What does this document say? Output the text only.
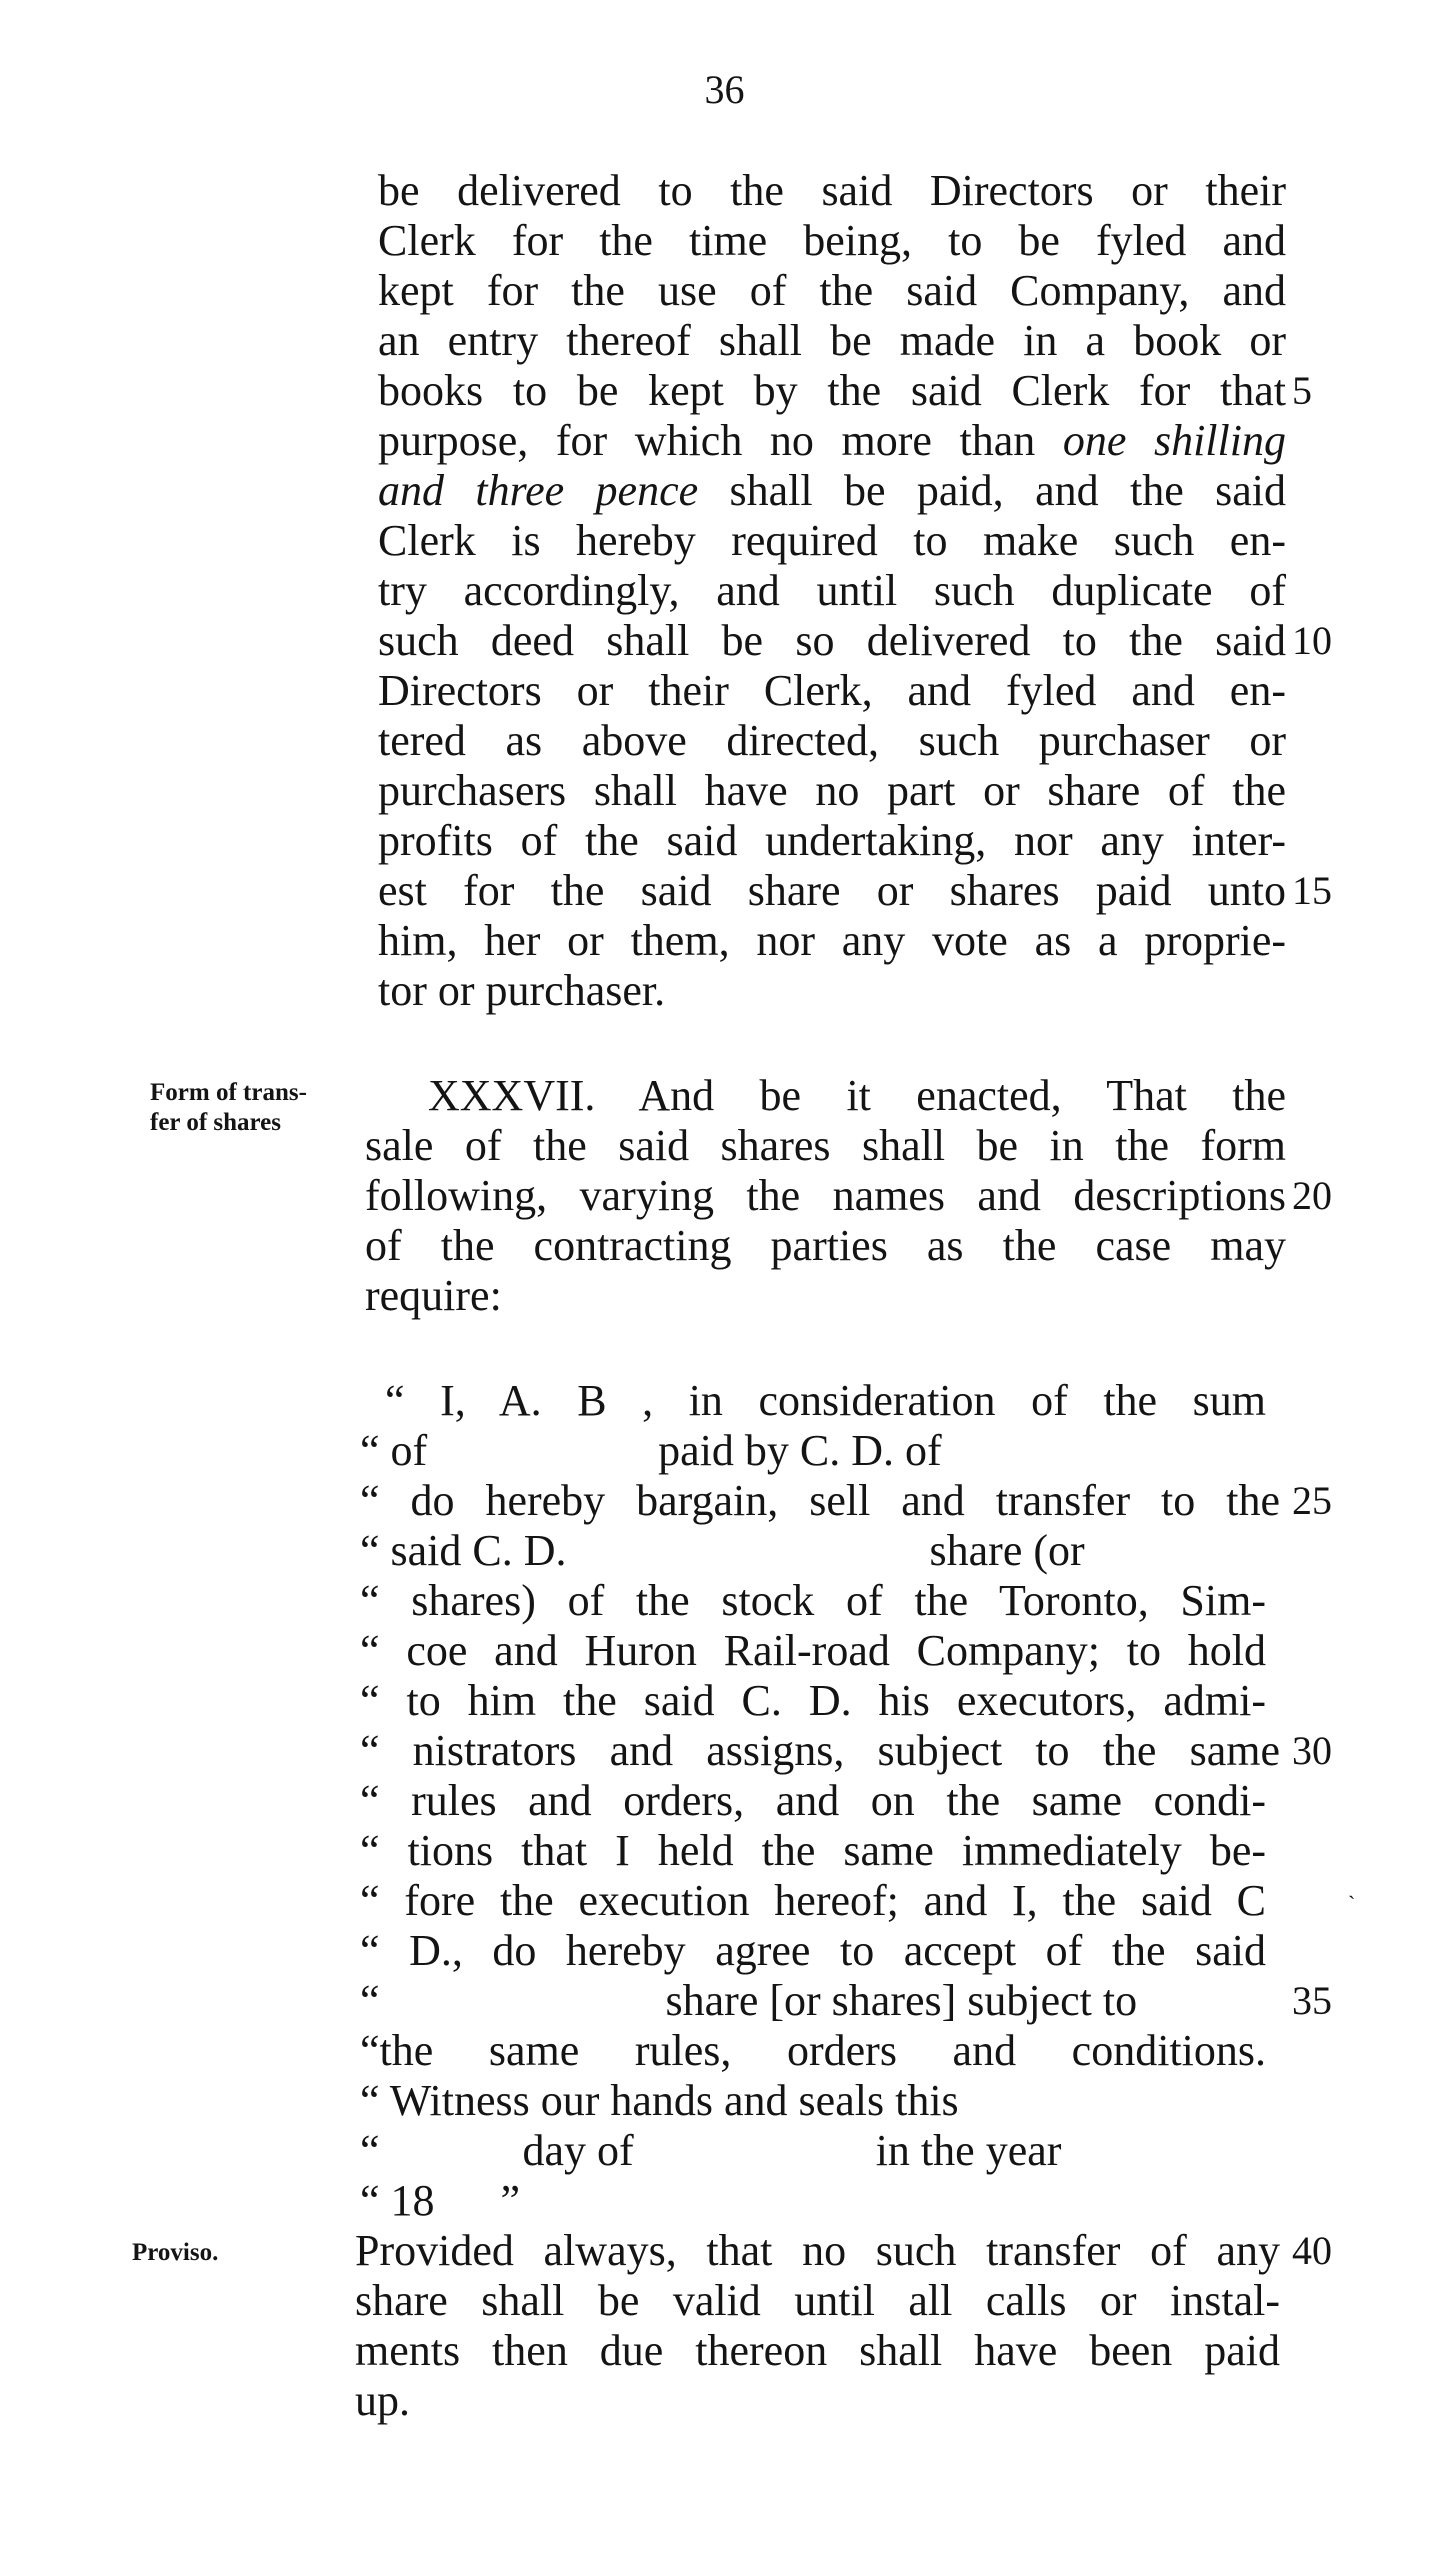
36
be delivered to the said Directors or their
Clerk for the time being, to be fyled and
kept for the use of the said Company, and
an entry thereof shall be made in a book or
books to be kept by the said Clerk for that
purpose, for which no more than one shilling
and three pence shall be paid, and the said
Clerk is hereby required to make such en-
try accordingly, and until such duplicate of
such deed shall be so delivered to the said
Directors or their Clerk, and fyled and en-
tered as above directed, such purchaser or
purchasers shall have no part or share of the
profits of the said undertaking, nor any inter-
est for the said share or shares paid unto
him, her or them, nor any vote as a proprie-
tor or purchaser.
XXXVII. And be it enacted, That the
sale of the said shares shall be in the form
following, varying the names and descriptions
of the contracting parties as the case may
require:
“ I, A. B , in consideration of the sum
“ of                     paid by C. D. of
“ do hereby bargain, sell and transfer to the
“ said C. D.                                 share (or
“ shares) of the stock of the Toronto, Sim-
“ coe and Huron Rail-road Company; to hold
“ to him the said C. D. his executors, admi-
“ nistrators and assigns, subject to the same
“ rules and orders, and on the same condi-
“ tions that I held the same immediately be-
“ fore the execution hereof; and I, the said C
“ D., do hereby agree to accept of the said
“                          share [or shares] subject to
“the same rules, orders and conditions.
“ Witness our hands and seals this
“             day of                      in the year
“ 18      ”
Provided always, that no such transfer of any
share shall be valid until all calls or instal-
ments then due thereon shall have been paid
up.
5
10
15
20
25
30
35
40
Form of trans-
fer of shares
Proviso.
`
